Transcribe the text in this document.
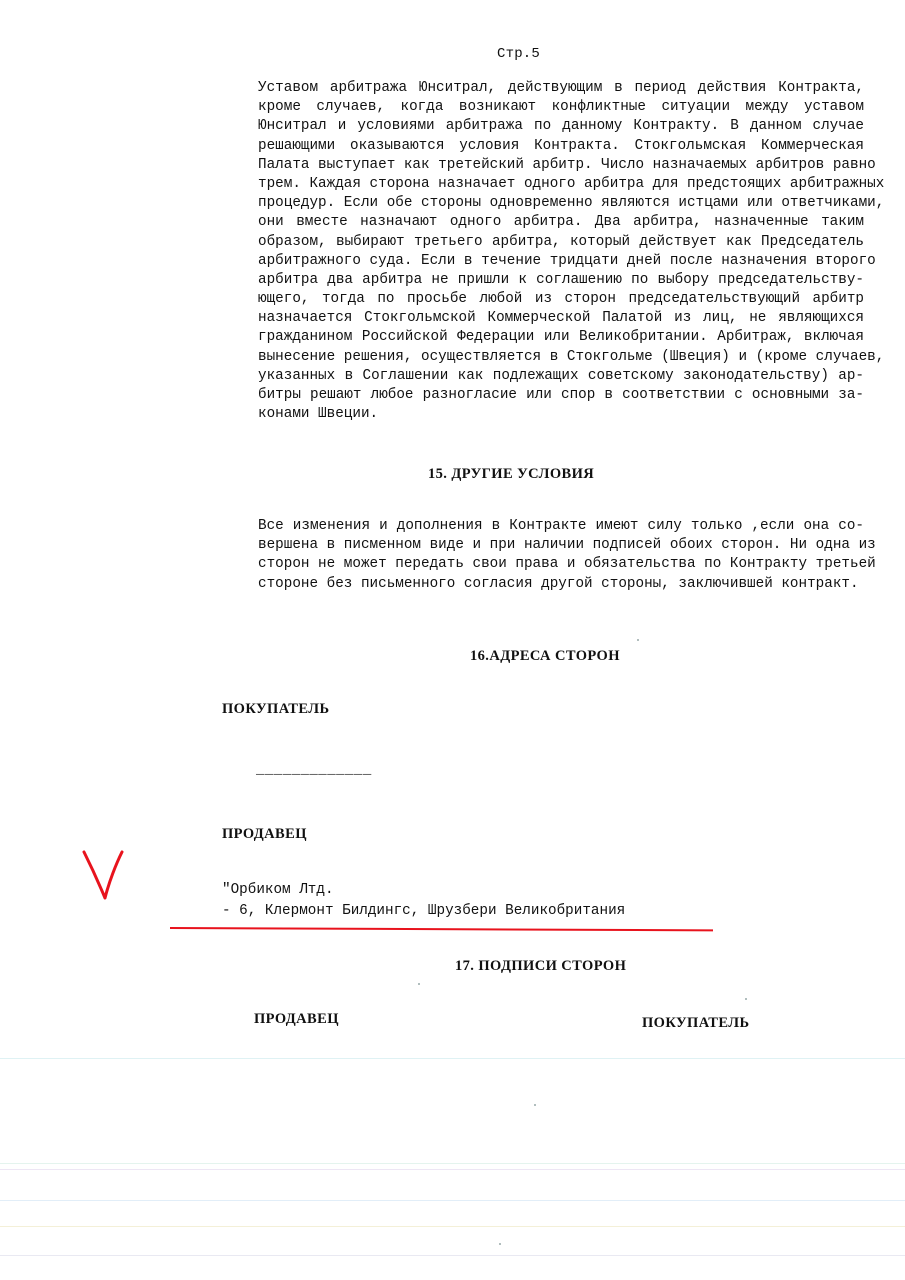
Стр.5

Уставом арбитража Юнситрал, действующим в период действия Контракта,
кроме случаев, когда возникают конфликтные ситуации между уставом
Юнситрал и условиями арбитража по данному Контракту. В данном случае
решающими оказываются условия Контракта. Стокгольмская Коммерческая
Палата выступает как третейский арбитр. Число назначаемых арбитров равно
трем. Каждая сторона назначает одного арбитра для предстоящих арбитражных
процедур. Если обе стороны одновременно являются истцами или ответчиками,
они вместе назначают одного арбитра. Два арбитра, назначенные таким
образом, выбирают третьего арбитра, который действует как Председатель
арбитражного суда. Если в течение тридцати дней после назначения второго
арбитра два арбитра не пришли к соглашению по выбору председательству-
ющего, тогда по просьбе любой из сторон председательствующий арбитр
назначается Стокгольмской Коммерческой Палатой из лиц, не являющихся
гражданином Российской Федерации или Великобритании. Арбитраж, включая
вынесение решения, осуществляется в Стокгольме (Швеция) и (кроме случаев,
указанных в Соглашении как подлежащих советскому законодательству) ар-
битры решают любое разногласие или спор в соответствии с основными за-
конами Швеции.

15. ДРУГИЕ УСЛОВИЯ

Все изменения и дополнения в Контракте имеют силу только ,если она со-
вершена в писменном виде и при наличии подписей обоих сторон. Ни одна из
сторон не может передать свои права и обязательства по Контракту третьей
стороне без письменного согласия другой стороны, заключившей контракт.

16.АДРЕСА СТОРОН
ПОКУПАТЕЛЬ
_____________
ПРОДАВЕЦ
"Орбиком Лтд.
- 6, Клермонт Билдингс, Шрузбери Великобритания
17. ПОДПИСИ СТОРОН
ПРОДАВЕЦ	ПОКУПАТЕЛЬ
